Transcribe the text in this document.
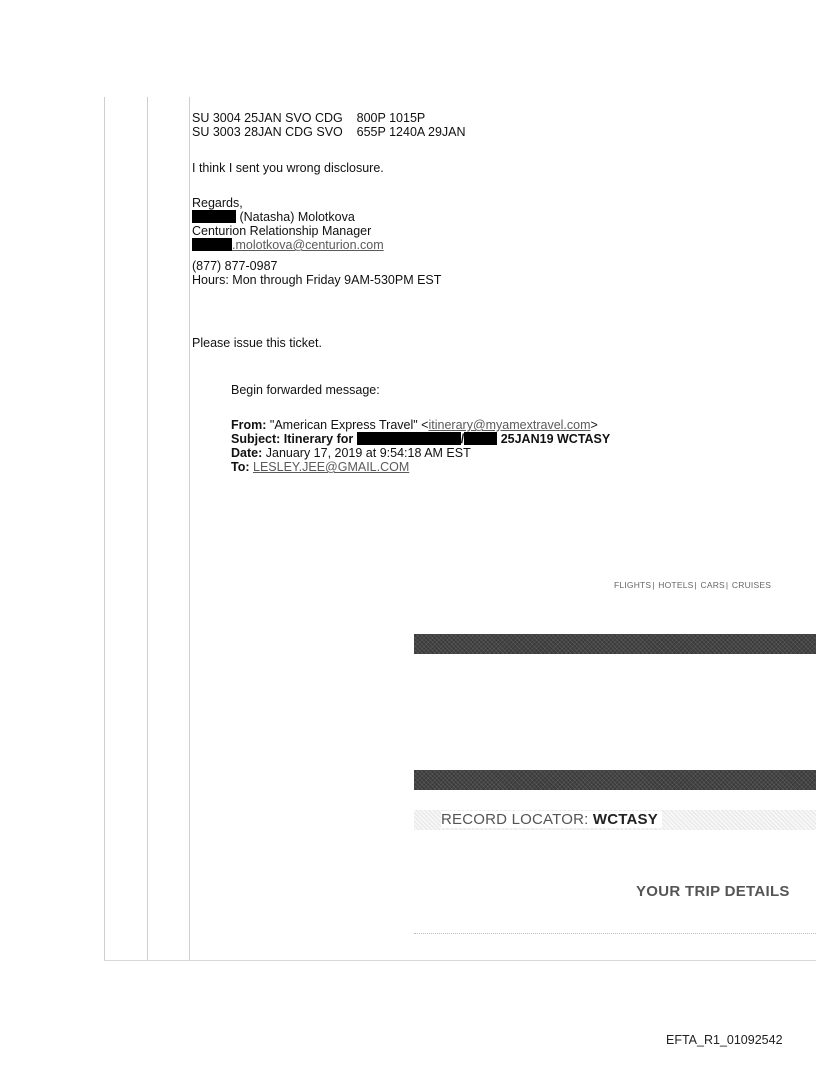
SU 3004 25JAN SVO CDG    800P 1015P
SU 3003 28JAN CDG SVO    655P 1240A 29JAN
I think I sent you wrong disclosure.
Regards,
(Natasha) Molotkova
Centurion Relationship Manager
.molotkova@centurion.com
(877) 877-0987
Hours: Mon through Friday 9AM-530PM EST
Please issue this ticket.
Begin forwarded message:
From: "American Express Travel" <itinerary@myamextravel.com>
Subject: Itinerary for	/	25JAN19 WCTASY
Date: January 17, 2019 at 9:54:18 AM EST
To: LESLEY.JEE@GMAIL.COM
FLIGHTS| HOTELS| CARS| CRUISES
RECORD LOCATOR: WCTASY
YOUR TRIP DETAILS
EFTA_R1_01092542
